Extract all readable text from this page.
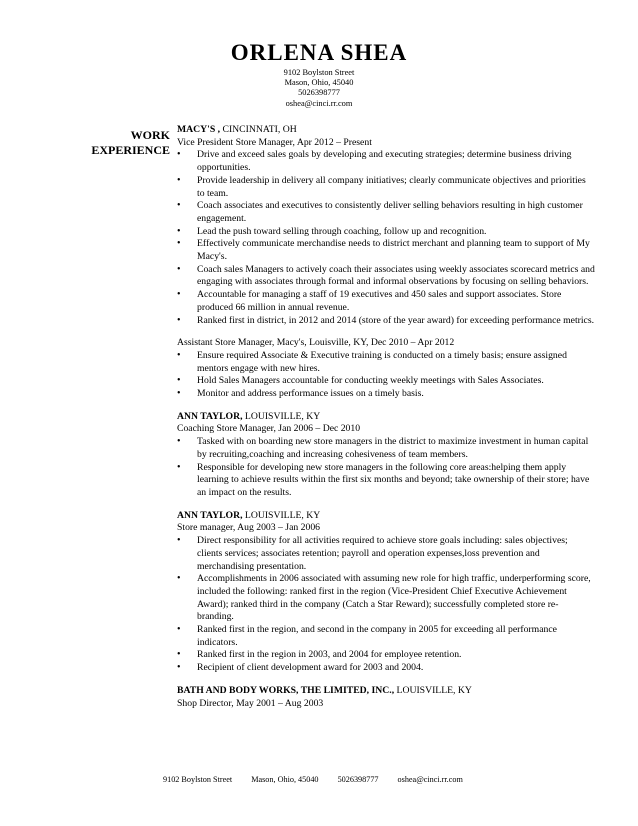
ORLENA SHEA
9102 Boylston Street
Mason, Ohio, 45040
5026398777
oshea@cinci.rr.com
WORK
EXPERIENCE
MACY'S , CINCINNATI, OH
Vice President Store Manager, Apr 2012 – Present
• Drive and exceed sales goals by developing and executing strategies; determine business driving opportunities.
• Provide leadership in delivery all company initiatives; clearly communicate objectives and priorities to team.
• Coach associates and executives to consistently deliver selling behaviors resulting in high customer engagement.
• Lead the push toward selling through coaching, follow up and recognition.
• Effectively communicate merchandise needs to district merchant and planning team to support of My Macy's.
• Coach sales Managers to actively coach their associates using weekly associates scorecard metrics and engaging with associates through formal and informal observations by focusing on selling behaviors.
• Accountable for managing a staff of 19 executives and 450 sales and support associates. Store produced 66 million in annual revenue.
• Ranked first in district, in 2012 and 2014 (store of the year award) for exceeding performance metrics.
Assistant Store Manager, Macy's, Louisville, KY, Dec 2010 – Apr 2012
• Ensure required Associate & Executive training is conducted on a timely basis; ensure assigned mentors engage with new hires.
• Hold Sales Managers accountable for conducting weekly meetings with Sales Associates.
• Monitor and address performance issues on a timely basis.
ANN TAYLOR, LOUISVILLE, KY
Coaching Store Manager, Jan 2006 – Dec 2010
• Tasked with on boarding new store managers in the district to maximize investment in human capital by recruiting,coaching and increasing cohesiveness of team members.
• Responsible for developing new store managers in the following core areas:helping them apply learning to achieve results within the first six months and beyond; take ownership of their store; have an impact on the results.
ANN TAYLOR, LOUISVILLE, KY
Store manager, Aug 2003 – Jan 2006
• Direct responsibility for all activities required to achieve store goals including: sales objectives; clients services; associates retention; payroll and operation expenses,loss prevention and merchandising presentation.
• Accomplishments in 2006 associated with assuming new role for high traffic, underperforming score, included the following: ranked first in the region (Vice-President Chief Executive Achievement Award); ranked third in the company (Catch a Star Reward); successfully completed store re-branding.
• Ranked first in the region, and second in the company in 2005 for exceeding all performance indicators.
• Ranked first in the region in 2003, and 2004 for employee retention.
• Recipient of client development award for 2003 and 2004.
BATH AND BODY WORKS, THE LIMITED, INC., LOUISVILLE, KY
Shop Director, May 2001 – Aug 2003
9102 Boylston Street Mason, Ohio, 45040 5026398777 oshea@cinci.rr.com
